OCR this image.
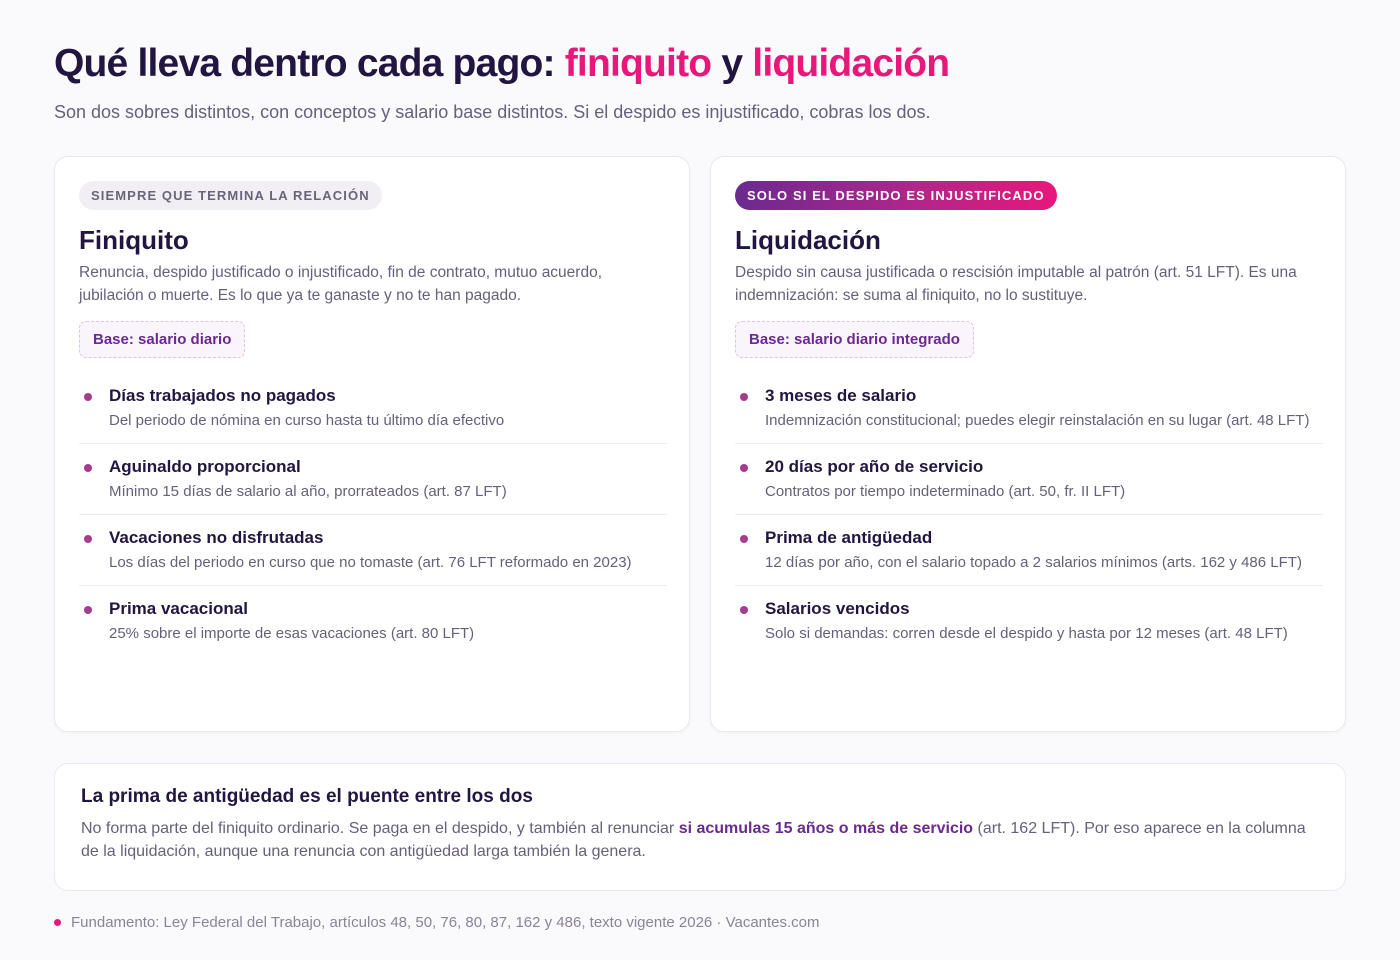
Qué lleva dentro cada pago: finiquito y liquidación

Son dos sobres distintos, con conceptos y salario base distintos. Si el despido es injustificado, cobras los dos.

SIEMPRE QUE TERMINA LA RELACIÓN
Finiquito

Renuncia, despido justificado o injustificado, fin de contrato, mutuo acuerdo, jubilación o muerte. Es lo que ya te ganaste y no te han pagado.

Base: salario diario
Días trabajados no pagados
Del periodo de nómina en curso hasta tu último día efectivo
Aguinaldo proporcional
Mínimo 15 días de salario al año, prorrateados (art. 87 LFT)
Vacaciones no disfrutadas
Los días del periodo en curso que no tomaste (art. 76 LFT reformado en 2023)
Prima vacacional
25% sobre el importe de esas vacaciones (art. 80 LFT)
SOLO SI EL DESPIDO ES INJUSTIFICADO
Liquidación

Despido sin causa justificada o rescisión imputable al patrón (art. 51 LFT). Es una indemnización: se suma al finiquito, no lo sustituye.

Base: salario diario integrado
3 meses de salario
Indemnización constitucional; puedes elegir reinstalación en su lugar (art. 48 LFT)
20 días por año de servicio
Contratos por tiempo indeterminado (art. 50, fr. II LFT)
Prima de antigüedad
12 días por año, con el salario topado a 2 salarios mínimos (arts. 162 y 486 LFT)
Salarios vencidos
Solo si demandas: corren desde el despido y hasta por 12 meses (art. 48 LFT)
La prima de antigüedad es el puente entre los dos

No forma parte del finiquito ordinario. Se paga en el despido, y también al renunciar si acumulas 15 años o más de servicio (art. 162 LFT). Por eso aparece en la columna de la liquidación, aunque una renuncia con antigüedad larga también la genera.

Fundamento: Ley Federal del Trabajo, artículos 48, 50, 76, 80, 87, 162 y 486, texto vigente 2026 · Vacantes.com
